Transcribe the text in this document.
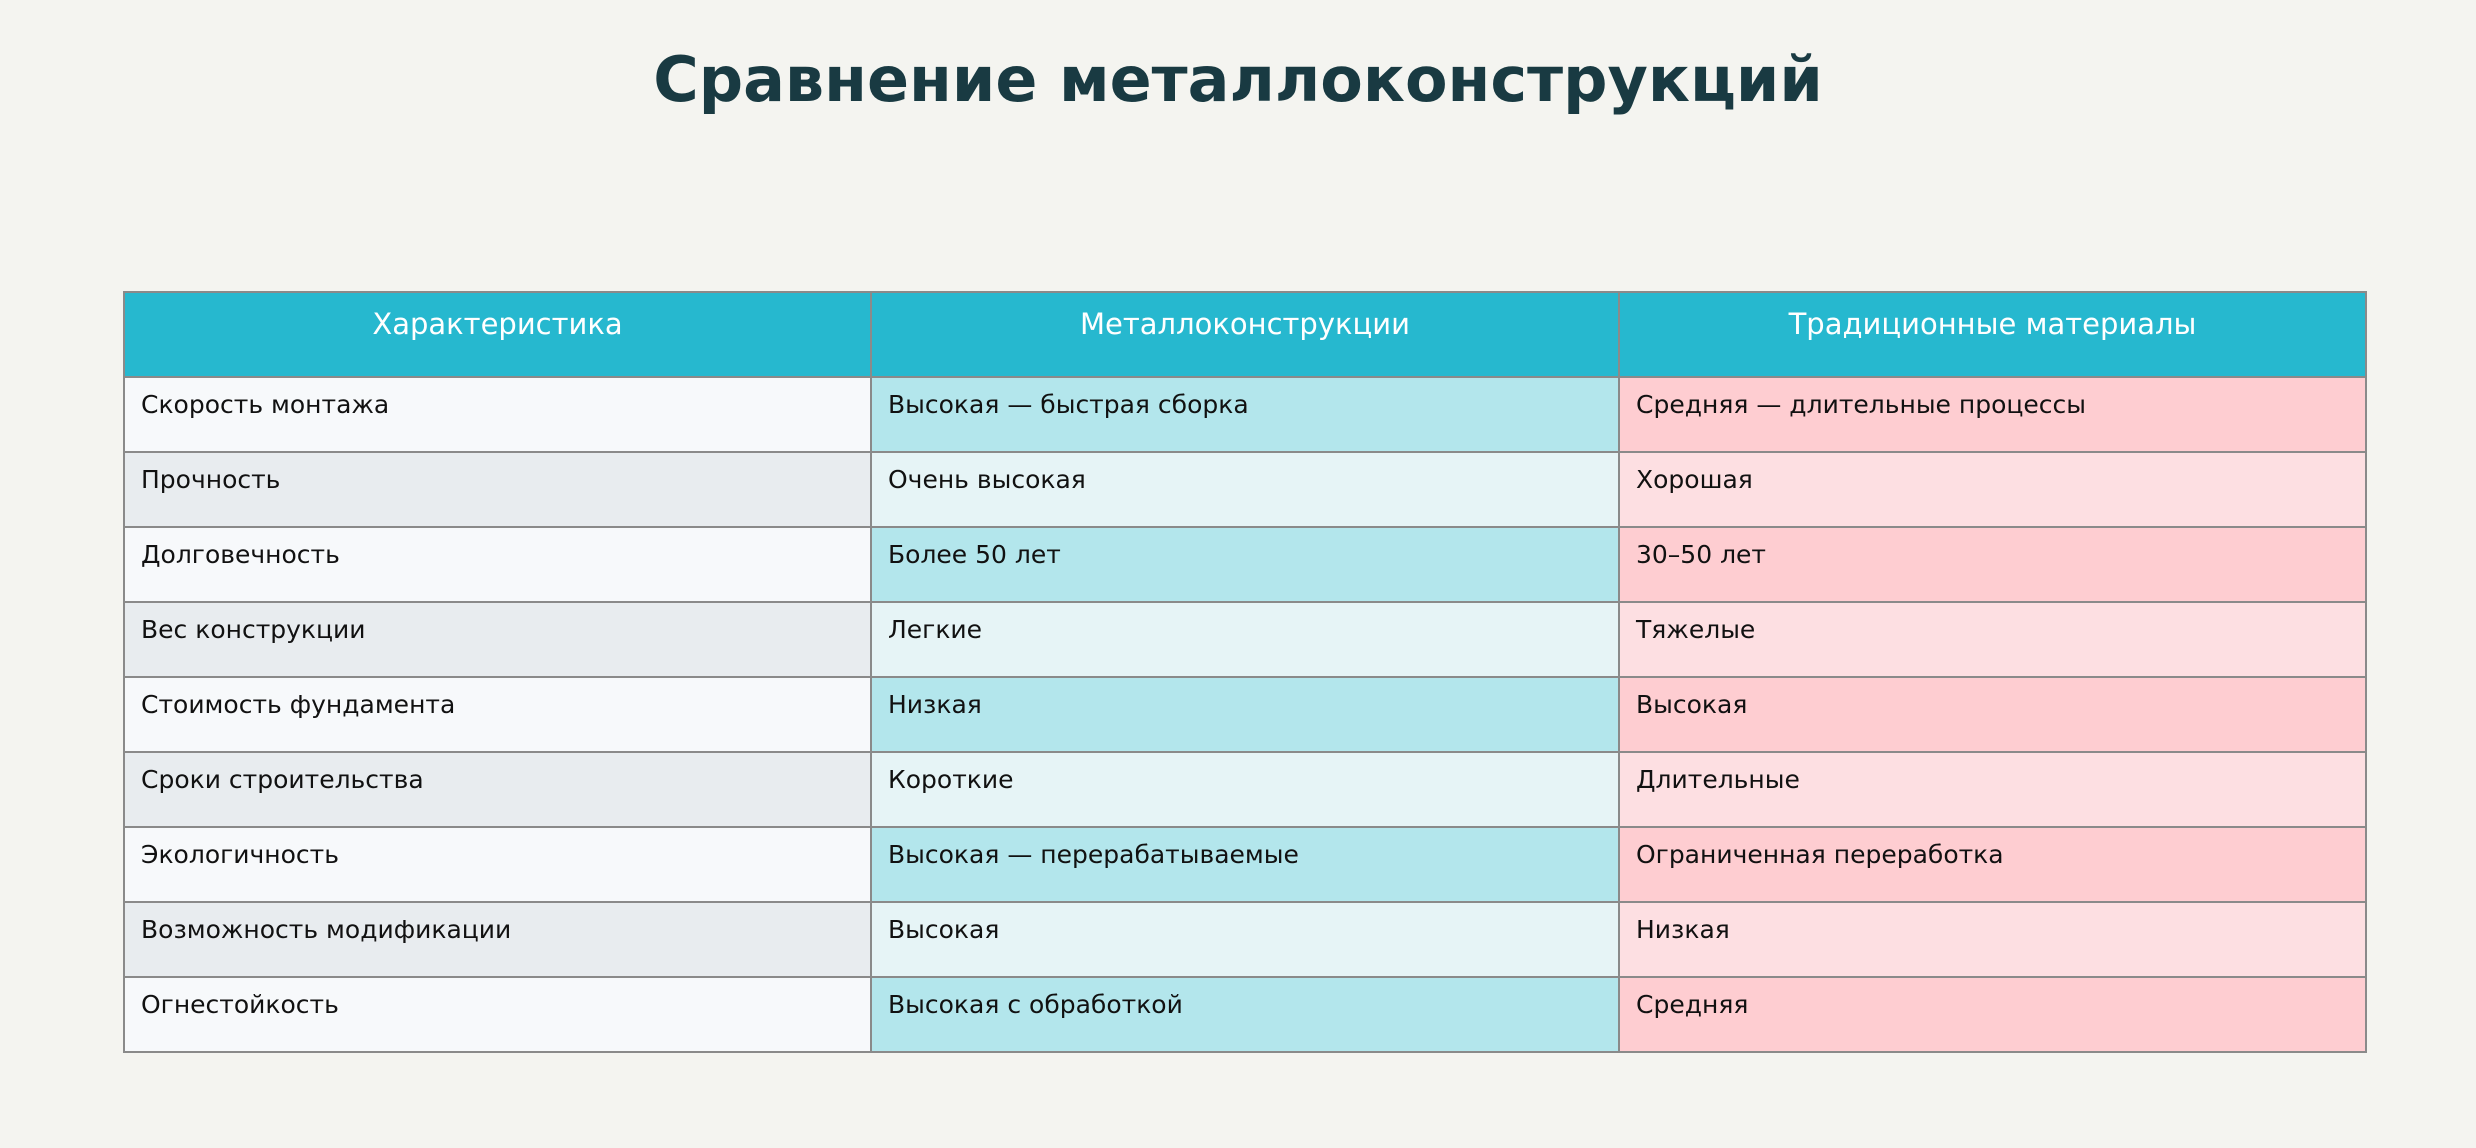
Сравнение металлоконструкций
Характеристика	Металлоконструкции	Традиционные материалы
Скорость монтажа	Высокая — быстрая сборка	Средняя — длительные процессы
Прочность	Очень высокая	Хорошая
Долговечность	Более 50 лет	30–50 лет
Вес конструкции	Легкие	Тяжелые
Стоимость фундамента	Низкая	Высокая
Сроки строительства	Короткие	Длительные
Экологичность	Высокая — перерабатываемые	Ограниченная переработка
Возможность модификации	Высокая	Низкая
Огнестойкость	Высокая с обработкой	Средняя
